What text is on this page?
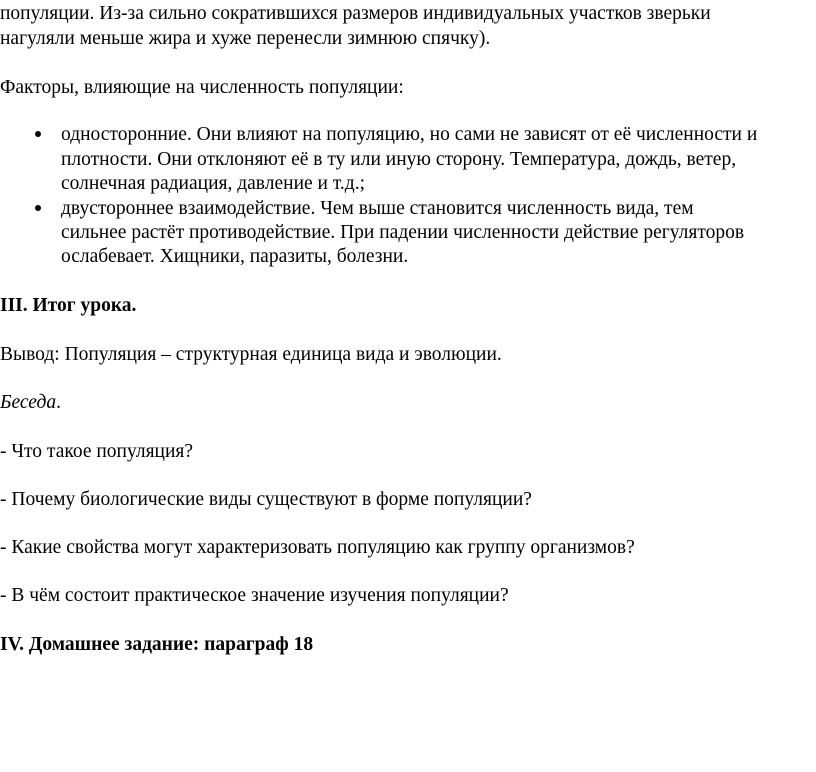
популяции. Из-за сильно сократившихся размеров индивидуальных участков зверьки
нагуляли меньше жира и хуже перенесли зимнюю спячку).
Факторы, влияющие на численность популяции:
односторонние. Они влияют на популяцию, но сами не зависят от её численности и
плотности. Они отклоняют её в ту или иную сторону. Температура, дождь, ветер,
солнечная радиация, давление и т.д.;
двустороннее взаимодействие. Чем выше становится численность вида, тем
сильнее растёт противодействие. При падении численности действие регуляторов
ослабевает. Хищники, паразиты, болезни.
III. Итог урока.
Вывод: Популяция – структурная единица вида и эволюции.
Беседа.
- Что такое популяция?
- Почему биологические виды существуют в форме популяции?
- Какие свойства могут характеризовать популяцию как группу организмов?
- В чём состоит практическое значение изучения популяции?
IV. Домашнее задание: параграф 18
